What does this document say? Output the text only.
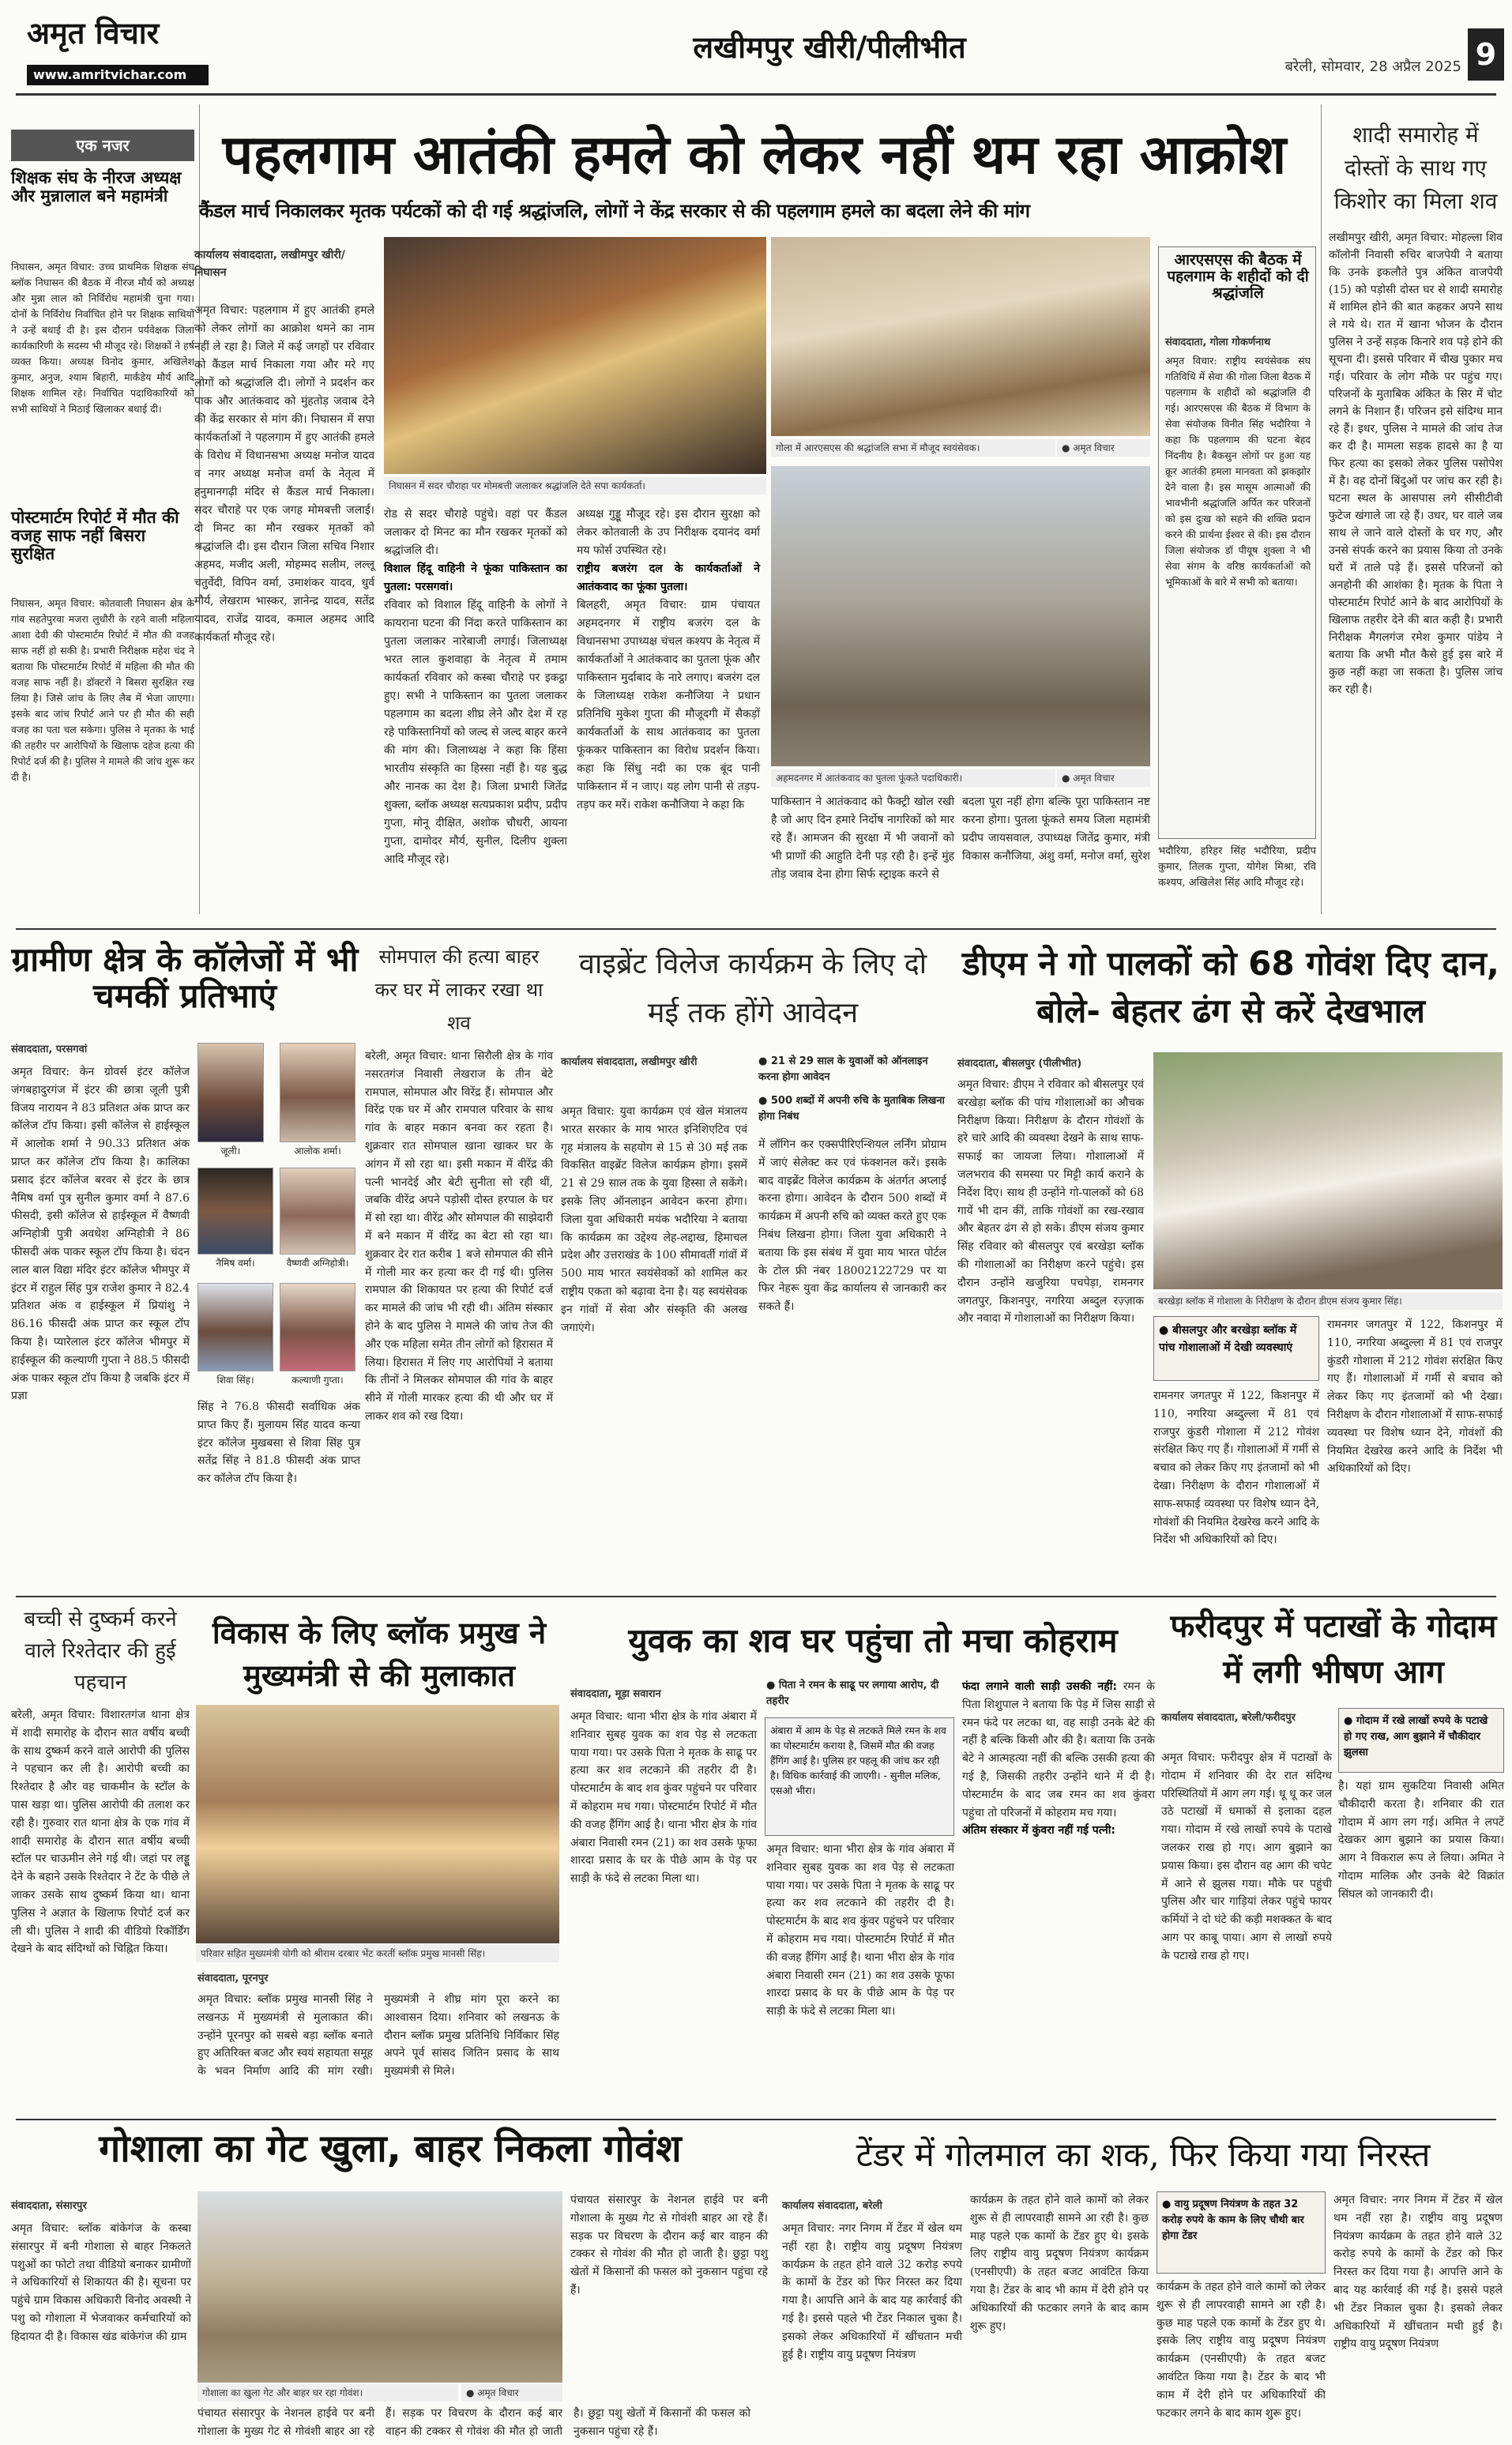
अमृत विचार
www.amritvichar.com
लखीमपुर खीरी/पीलीभीत
बरेली, सोमवार, 28 अप्रैल 2025 9
एक नजर
शिक्षक संघ के नीरज अध्यक्ष और मुन्नालाल बने महामंत्री
निघासन, अमृत विचार: उच्च प्राथमिक शिक्षक संघ ब्लॉक निघासन की बैठक में नीरज मौर्य को अध्यक्ष और मुन्ना लाल को निर्विरोध महामंत्री चुना गया। दोनों के निर्विरोध निर्वाचित होने पर शिक्षक साथियों ने उन्हें बधाई दी है। इस दौरान पर्यवेक्षक जिला कार्यकारिणी के सदस्य भी मौजूद रहे। शिक्षकों ने हर्ष व्यक्त किया। अध्यक्ष विनोद कुमार, अखिलेश कुमार, अनुज, श्याम बिहारी, मार्कंडेय मौर्य आदि शिक्षक शामिल रहे। निर्वाचित पदाधिकारियों को सभी साथियों ने मिठाई खिलाकर बधाई दी।
पोस्टमार्टम रिपोर्ट में मौत की वजह साफ नहीं बिसरा सुरक्षित
निघासन, अमृत विचार: कोतवाली निघासन क्षेत्र के गांव सहतेपुरवा मजरा लुधौरी के रहने वाली महिला आशा देवी की पोस्टमार्टम रिपोर्ट में मौत की वजह साफ नहीं हो सकी है। प्रभारी निरीक्षक महेश चंद ने बताया कि पोस्टमार्टम रिपोर्ट में महिला की मौत की वजह साफ नहीं है। डॉक्टरों ने बिसरा सुरक्षित रख लिया है। जिसे जांच के लिए लैब में भेजा जाएगा। इसके बाद जांच रिपोर्ट आने पर ही मौत की सही वजह का पता चल सकेगा। पुलिस ने मृतका के भाई की तहरीर पर आरोपियों के खिलाफ दहेज हत्या की रिपोर्ट दर्ज की है। पुलिस ने मामले की जांच शुरू कर दी है।
पहलगाम आतंकी हमले को लेकर नहीं थम रहा आक्रोश
कैंडल मार्च निकालकर मृतक पर्यटकों को दी गई श्रद्धांजलि, लोगों ने केंद्र सरकार से की पहलगाम हमले का बदला लेने की मांग
कार्यालय संवाददाता, लखीमपुर खीरी/निघासन
अमृत विचार: पहलगाम में हुए आतंकी हमले को लेकर लोगों का आक्रोश थमने का नाम नहीं ले रहा है। जिले में कई जगहों पर रविवार को कैंडल मार्च निकाला गया और मरे गए लोगों को श्रद्धांजलि दी। लोगों ने प्रदर्शन कर पाक और आतंकवाद को मुंहतोड़ जवाब देने की केंद्र सरकार से मांग की। निघासन में सपा कार्यकर्ताओं ने पहलगाम में हुए आतंकी हमले के विरोध में विधानसभा अध्यक्ष मनोज यादव व नगर अध्यक्ष मनोज वर्मा के नेतृत्व में हनुमानगढ़ी मंदिर से कैंडल मार्च निकाला। सदर चौराहे पर एक जगह मोमबत्ती जलाई। दो मिनट का मौन रखकर मृतकों को श्रद्धांजलि दी। इस दौरान जिला सचिव निशार अहमद, मजीद अली, मोहम्मद सलीम, ल‍ल्लू चतुर्वेदी, विपिन वर्मा, उमाशंकर यादव, धुर्व मौर्य, लेखराम भास्कर, ज्ञानेन्द्र यादव, सतेंद्र यादव, राजेंद्र यादव, कमाल अहमद आदि कार्यकर्ता मौजूद रहे।
निघासन में सदर चौराहा पर मोमबत्ती जलाकर श्रद्धांजलि देते सपा कार्यकर्ता।
गोला में आरएसएस की श्रद्धांजलि सभा में मौजूद स्वयंसेवक।	● अमृत विचार
रोड से सदर चौराहे पहुंचे। वहां पर कैंडल जलाकर दो मिनट का मौन रखकर मृतकों को श्रद्धांजलि दी।
विशाल हिंदू वाहिनी ने फूंका पाकिस्तान का पुतला: परसगवां।
रविवार को विशाल हिंदू वाहिनी के लोगों ने कायराना घटना की निंदा करते पाकिस्तान का पुतला जलाकर नारेबाजी लगाई। जिलाध्यक्ष भरत लाल कुशवाहा के नेतृत्व में तमाम कार्यकर्ता रविवार को कस्बा चौराहे पर इकट्ठा हुए। सभी ने पाकिस्तान का पुतला जलाकर पहलगाम का बदला शीघ्र लेने और देश में रह रहे पाकिस्तानियों को जल्द से जल्द बाहर करने की मांग की। जिलाध्यक्ष ने कहा कि हिंसा भारतीय संस्कृति का हिस्सा नहीं है। यह बुद्ध और नानक का देश है। जिला प्रभारी जितेंद्र शुक्ला, ब्लॉक अध्यक्ष सत्यप्रकाश प्रदीप, प्रदीप गुप्ता, मोनू दीक्षित, अशोक चौधरी, आयना गुप्ता, दामोदर मौर्य, सुनील, दिलीप शुक्ला आदि मौजूद रहे।
अध्यक्ष गुड्डू मौजूद रहे। इस दौरान सुरक्षा को लेकर कोतवाली के उप निरीक्षक दयानंद वर्मा मय फोर्स उपस्थित रहे।
राष्ट्रीय बजरंग दल के कार्यकर्ताओं ने आतंकवाद का फूंका पुतला।
बिलहरी, अमृत विचार: ग्राम पंचायत अहमदनगर में राष्ट्रीय बजरंग दल के विधानसभा उपाध्यक्ष चंचल कश्यप के नेतृत्व में कार्यकर्ताओं ने आतंकवाद का पुतला फूंक और पाकिस्तान मुर्दाबाद के नारे लगाए। बजरंग दल के जिलाध्यक्ष राकेश कनौजिया ने प्रधान प्रतिनिधि मुकेश गुप्ता की मौजूदगी में सैकड़ों कार्यकर्ताओं के साथ आतंकवाद का पुतला फूंककर पाकिस्तान का विरोध प्रदर्शन किया। कहा कि सिंधु नदी का एक बूंद पानी पाकिस्तान में न जाए। यह लोग पानी से तड़प-तड़प कर मरें। राकेश कनौजिया ने कहा कि
अहमदनगर में आतंकवाद का पुतला फूंकते पदाधिकारी।	● अमृत विचार
पाकिस्तान ने आतंकवाद को फैक्ट्री खोल रखी है जो आए दिन हमारे निर्दोष नागरिकों को मार रहे हैं। आमजन की सुरक्षा में भी जवानों को भी प्राणों की आहुति देनी पड़ रही है। इन्हें मुंह तोड़ जवाब देना होगा सिर्फ स्ट्राइक करने से
बदला पूरा नहीं होगा बल्कि पूरा पाकिस्तान नष्ट करना होगा। पुतला फूंकते समय जिला महामंत्री प्रदीप जायसवाल, उपाध्यक्ष जितेंद्र कुमार, मंत्री विकास कनौजिया, अंशु वर्मा, मनोज वर्मा, सुरेश
आरएसएस की बैठक में पहलगाम के शहीदों को दी श्रद्धांजलि
संवाददाता, गोला गोकर्णनाथ
अमृत विचार: राष्ट्रीय स्वयंसेवक संघ गतिविधि में सेवा की गोला जिला बैठक में पहलगाम के शहीदों को श्रद्धांजलि दी गई। आरएसएस की बैठक में विभाग के सेवा संयोजक विनीत सिंह भदौरिया ने कहा कि पहलगाम की घटना बेहद निंदनीय है। बैकसुन लोगों पर हुआ यह क्रूर आतंकी हमला मानवता को झकझोर देने वाला है। इस मासूम आत्माओं की भावभीनी श्रद्धांजलि अर्पित कर परिजनों को इस दुःख को सहने की शक्ति प्रदान करने की प्रार्थना ईश्वर से की। इस दौरान जिला संयोजक डॉ पीयूष शुक्ला ने भी सेवा संगम के वरिष्ठ कार्यकर्ताओं को भूमिकाओं के बारे में सभी को बताया।
भदौरिया, हरिहर सिंह भदौरिया, प्रदीप कुमार, तिलक गुप्ता, योगेश मिश्रा, रवि कश्यप, अखिलेश सिंह आदि मौजूद रहे।
शादी समारोह में दोस्तों के साथ गए किशोर का मिला शव
लखीमपुर खीरी, अमृत विचार: मोहल्ला शिव कॉलोनी निवासी रुचिर बाजपेयी ने बताया कि उनके इकलौते पुत्र अंकित वाजपेयी (15) को पड़ोसी दोस्त घर से शादी समारोह में शामिल होने की बात कहकर अपने साथ ले गये थे। रात में खाना भोजन के दौरान पुलिस ने उन्हें सड़क किनारे शव पड़े होने की सूचना दी। इससे परिवार में चीख पुकार मच गई। परिवार के लोग मौके पर पहुंच गए। परिजनों के मुताबिक अंकित के सिर में चोट लगने के निशान हैं। परिजन इसे संदिग्ध मान रहे हैं। इधर, पुलिस ने मामले की जांच तेज कर दी है। मामला सड़क हादसे का है या फिर हत्या का इसको लेकर पुलिस पसोपेश में है। वह दोनों बिंदुओं पर जांच कर रही है। घटना स्थल के आसपास लगे सीसीटीवी फुटेज खंगाले जा रहे हैं। उधर, घर वाले जब साथ ले जाने वाले दोस्तों के घर गए, और उनसे संपर्क करने का प्रयास किया तो उनके घरों में ताले पड़े हैं। इससे परिजनों को अनहोनी की आशंका है। मृतक के पिता ने पोस्टमार्टम रिपोर्ट आने के बाद आरोपियों के खिलाफ तहरीर देने की बात कही है। प्रभारी निरीक्षक मैगलगंज रमेश कुमार पांडेय ने बताया कि अभी मौत कैसे हुई इस बारे में कुछ नहीं कहा जा सकता है। पुलिस जांच कर रही है।
ग्रामीण क्षेत्र के कॉलेजों में भी चमकीं प्रतिभाएं
संवाददाता, परसगवां
अमृत विचार: केन ग्रोवर्स इंटर कॉलेज जंगबहादुरगंज में इंटर की छात्रा जूली पुत्री विजय नारायन ने 83 प्रतिशत अंक प्राप्त कर कॉलेज टॉप किया। इसी कॉलेज से हाईस्कूल में आलोक शर्मा ने 90.33 प्रतिशत अंक प्राप्त कर कॉलेज टॉप किया है। कालिका प्रसाद इंटर कॉलेज बरवर से इंटर के छात्र नैमिष वर्मा पुत्र सुनील कुमार वर्मा ने 87.6 फीसदी, इसी कॉलेज से हाईस्कूल में वैष्णवी अग्निहोत्री पुत्री अवधेश अग्निहोत्री ने 86 फीसदी अंक पाकर स्कूल टॉप किया है। चंदन लाल बाल विद्या मंदिर इंटर कॉलेज भीमपुर में इंटर में राहुल सिंह पुत्र राजेश कुमार ने 82.4 प्रतिशत अंक व हाईस्कूल में प्रियांशु ने 86.16 फीसदी अंक प्राप्त कर स्कूल टॉप किया है। प्यारेलाल इंटर कॉलेज भीमपुर में हाईस्कूल की कल्याणी गुप्ता ने 88.5 फीसदी अंक पाकर स्कूल टॉप किया है जबकि इंटर में प्रज्ञा
जूली।	आलोक शर्मा।
नैमिष वर्मा।	वैष्णवी अग्निहोत्री।
शिवा सिंह।	कल्याणी गुप्ता।
सिंह ने 76.8 फीसदी सर्वाधिक अंक प्राप्त किए हैं। मुलायम सिंह यादव कन्या इंटर कॉलेज मुखबसा से शिवा सिंह पुत्र सतेंद्र सिंह ने 81.8 फीसदी अंक प्राप्त कर कॉलेज टॉप किया है।
सोमपाल की हत्या बाहर कर घर में लाकर रखा था शव
बरेली, अमृत विचार: थाना सिरौली क्षेत्र के गांव नसरतगंज निवासी लेखराज के तीन बेटे रामपाल, सोमपाल और विरेंद्र हैं। सोमपाल और विरेंद्र एक घर में और रामपाल परिवार के साथ गांव के बाहर मकान बनवा कर रहता है। शुक्रवार रात सोमपाल खाना खाकर घर के आंगन में सो रहा था। इसी मकान में वीरेंद्र की पत्नी भानदेई और बेटी सुनीता सो रही थीं, जबकि वीरेंद्र अपने पड़ोसी दोस्त हरपाल के घर में सो रहा था। वीरेंद्र और सोमपाल की साझेदारी में बने मकान में वीरेंद्र का बेटा सो रहा था। शुक्रवार देर रात करीब 1 बजे सोमपाल की सीने में गोली मार कर हत्या कर दी गई थी। पुलिस रामपाल की शिकायत पर हत्या की रिपोर्ट दर्ज कर मामले की जांच भी रही थी। अंतिम संस्कार होने के बाद पुलिस ने मामले की जांच तेज की और एक महिला समेत तीन लोगों को हिरासत में लिया। हिरासत में लिए गए आरोपियों ने बताया कि तीनों ने मिलकर सोमपाल की गांव के बाहर सीने में गोली मारकर हत्या की थी और घर में लाकर शव को रख दिया।
वाइब्रेंट विलेज कार्यक्रम के लिए दो मई तक होंगे आवेदन
कार्यालय संवाददाता, लखीमपुर खीरी	● 21 से 29 साल के युवाओं को ऑनलाइन करना होगा आवेदन
● 500 शब्दों में अपनी रुचि के मुताबिक लिखना होगा निबंध
अमृत विचार: युवा कार्यक्रम एवं खेल मंत्रालय भारत सरकार के माय भारत इनिशिएटिव एवं गृह मंत्रालय के सहयोग से 15 से 30 मई तक विकसित वाइब्रेंट विलेज कार्यक्रम होगा। इसमें 21 से 29 साल तक के युवा हिस्सा ले सकेंगे। इसके लिए ऑनलाइन आवेदन करना होगा। जिला युवा अधिकारी मयंक भदौरिया ने बताया कि कार्यक्रम का उद्देश्य लेह-लद्दाख, हिमाचल प्रदेश और उत्तराखंड के 100 सीमावर्ती गांवों में 500 माय भारत स्वयंसेवकों को शामिल कर राष्ट्रीय एकता को बढ़ावा देना है। यह स्वयंसेवक इन गांवों में सेवा और संस्कृति की अलख जगाएंगे।
में लॉगिन कर एक्सपीरिएन्शियल लर्निंग प्रोग्राम में जाएं सेलेक्ट कर एवं फंक्शनल करें। इसके बाद वाइब्रेंट विलेज कार्यक्रम के अंतर्गत अप्लाई करना होगा। आवेदन के दौरान 500 शब्दों में कार्यक्रम में अपनी रुचि को व्यक्त करते हुए एक निबंध लिखना होगा। जिला युवा अधिकारी ने बताया कि इस संबंध में युवा माय भारत पोर्टल के टोल फ्री नंबर 18002122729 पर या फिर नेहरू युवा केंद्र कार्यालय से जानकारी कर सकते हैं।
डीएम ने गो पालकों को 68 गोवंश दिए दान, बोले- बेहतर ढंग से करें देखभाल
संवाददाता, बीसलपुर (पीलीभीत)
अमृत विचार: डीएम ने रविवार को बीसलपुर एवं बरखेड़ा ब्लॉक की पांच गोशालाओं का औचक निरीक्षण किया। निरीक्षण के दौरान गोवंशों के हरे चारे आदि की व्यवस्था देखने के साथ साफ-सफाई का जायजा लिया। गोशालाओं में जलभराव की समस्या पर मिट्टी कार्य कराने के निर्देश दिए। साथ ही उन्होंने गो-पालकों को 68 गायें भी दान कीं, ताकि गोवंशों का रख-रखाव और बेहतर ढंग से हो सके। डीएम संजय कुमार सिंह रविवार को बीसलपुर एवं बरखेड़ा ब्लॉक की गोशालाओं का निरीक्षण करने पहुंचे। इस दौरान उन्होंने खजुरिया पचपेड़ा, रामनगर जगतपुर, किशनपुर, नगरिया अब्दुल रज़्ज़ाक और नवादा में गोशालाओं का निरीक्षण किया।
बरखेड़ा ब्लॉक में गोशाला के निरीक्षण के दौरान डीएम संजय कुमार सिंह।
● बीसलपुर और बरखेड़ा ब्लॉक में पांच गोशालाओं में देखी व्यवस्थाएं
रामनगर जगतपुर में 122, किशनपुर में 110, नगरिया अब्दुल्ला में 81 एवं राजपुर कुंडरी गोशाला में 212 गोवंश संरक्षित किए गए हैं। गोशालाओं में गर्मी से बचाव को लेकर किए गए इंतजामों को भी देखा। निरीक्षण के दौरान गोशालाओं में साफ-सफाई व्यवस्था पर विशेष ध्यान देने, गोवंशों की नियमित देखरेख करने आदि के निर्देश भी अधिकारियों को दिए।
रामनगर जगतपुर में 122, किशनपुर में 110, नगरिया अब्दुल्ला में 81 एवं राजपुर कुंडरी गोशाला में 212 गोवंश संरक्षित किए गए हैं। गोशालाओं में गर्मी से बचाव को लेकर किए गए इंतजामों को भी देखा। निरीक्षण के दौरान गोशालाओं में साफ-सफाई व्यवस्था पर विशेष ध्यान देने, गोवंशों की नियमित देखरेख करने आदि के निर्देश भी अधिकारियों को दिए।
बच्ची से दुष्कर्म करने वाले रिश्तेदार की हुई पहचान
बरेली, अमृत विचार: विशारतगंज थाना क्षेत्र में शादी समारोह के दौरान सात वर्षीय बच्ची के साथ दुष्कर्म करने वाले आरोपी की पुलिस ने पहचान कर ली है। आरोपी बच्ची का रिश्तेदार है और वह चाकमीन के स्टॉल के पास खड़ा था। पुलिस आरोपी की तलाश कर रही है। गुरुवार रात थाना क्षेत्र के एक गांव में शादी समारोह के दौरान सात वर्षीय बच्ची स्टॉल पर चाऊमीन लेने गई थी। जहां पर लड्डू देने के बहाने उसके रिश्तेदार ने टेंट के पीछे ले जाकर उसके साथ दुष्कर्म किया था। थाना पुलिस ने अज्ञात के खिलाफ रिपोर्ट दर्ज कर ली थी। पुलिस ने शादी की वीडियो रिकॉर्डिंग देखने के बाद संदिग्धों को चिह्नित किया।
विकास के लिए ब्लॉक प्रमुख ने मुख्यमंत्री से की मुलाकात
परिवार सहित मुख्यमंत्री योगी को श्रीराम दरबार भेंट करतीं ब्लॉक प्रमुख मानसी सिंह।
संवाददाता, पूरनपुर
अमृत विचार: ब्लॉक प्रमुख मानसी सिंह ने लखनऊ में मुख्यमंत्री से मुलाकात की। उन्होंने पूरनपुर को सबसे बड़ा ब्लॉक बनाते हुए अतिरिक्त बजट और स्वयं सहायता समूह के भवन निर्माण आदि की मांग रखी। मुख्यमंत्री ने शीघ्र मांग पूरा करने का आश्वासन दिया। शनिवार को लखनऊ के दौरान ब्लॉक प्रमुख प्रतिनिधि निर्विकार सिंह अपने पूर्व सांसद जितिन प्रसाद के साथ मुख्यमंत्री से मिले।
युवक का शव घर पहुंचा तो मचा कोहराम
संवाददाता, मूड़ा सवारान
● पिता ने रमन के साढू पर लगाया आरोप, दी तहरीर
अंबारा में आम के पेड़ से लटकते मिले रमन के शव का पोस्टमार्टम कराया है, जिसमें मौत की वजह हैंगिंग आई है। पुलिस हर पहलू की जांच कर रही है। विधिक कार्रवाई की जाएगी। - सुनील मलिक, एसओ भीरा।
अमृत विचार: थाना भीरा क्षेत्र के गांव अंबारा में शनिवार सुबह युवक का शव पेड़ से लटकता पाया गया। पर उसके पिता ने मृतक के साढू पर हत्या कर शव लटकाने की तहरीर दी है। पोस्टमार्टम के बाद शव कुंवर पहुंचने पर परिवार में कोहराम मच गया। पोस्टमार्टम रिपोर्ट में मौत की वजह हैंगिंग आई है। थाना भीरा क्षेत्र के गांव अंबारा निवासी रमन (21) का शव उसके फूफा शारदा प्रसाद के घर के पीछे आम के पेड़ पर साड़ी के फंदे से लटका मिला था।
अमृत विचार: थाना भीरा क्षेत्र के गांव अंबारा में शनिवार सुबह युवक का शव पेड़ से लटकता पाया गया। पर उसके पिता ने मृतक के साढू पर हत्या कर शव लटकाने की तहरीर दी है। पोस्टमार्टम के बाद शव कुंवर पहुंचने पर परिवार में कोहराम मच गया। पोस्टमार्टम रिपोर्ट में मौत की वजह हैंगिंग आई है। थाना भीरा क्षेत्र के गांव अंबारा निवासी रमन (21) का शव उसके फूफा शारदा प्रसाद के घर के पीछे आम के पेड़ पर साड़ी के फंदे से लटका मिला था।
फंदा लगाने वाली साड़ी उसकी नहीं: रमन के पिता शिशुपाल ने बताया कि पेड़ में जिस साड़ी से रमन फंदे पर लटका था, वह साड़ी उनके बेटे की नहीं है बल्कि किसी और की है। बताया कि उनके बेटे ने आत्महत्या नहीं की बल्कि उसकी हत्या की गई है, जिसकी तहरीर उन्होंने थाने में दी है। पोस्टमार्टम के बाद जब रमन का शव कुंवरा पहुंचा तो परिजनों में कोहराम मच गया।
अंतिम संस्कार में कुंवरा नहीं गई पत्नी:
फरीदपुर में पटाखों के गोदाम में लगी भीषण आग
कार्यालय संवाददाता, बरेली/फरीदपुर	● गोदाम में रखे लाखों रुपये के पटाखे हो गए राख, आग बुझाने में चौकीदार झुलसा
अमृत विचार: फरीदपुर क्षेत्र में पटाखों के गोदाम में शनिवार की देर रात संदिग्ध परिस्थितियों में आग लग गई। धू धू कर जल उठे पटाखों में धमाकों से इलाका दहल गया। गोदाम में रखे लाखों रुपये के पटाखे जलकर राख हो गए। आग बुझाने का प्रयास किया। इस दौरान वह आग की चपेट में आने से झुलस गया। मौके पर पहुंची पुलिस और चार गाड़ियां लेकर पहुंचे फायर कर्मियों ने दो घंटे की कड़ी मशक्कत के बाद आग पर काबू पाया। आग से लाखों रुपये के पटाखे राख हो गए।
है। यहां ग्राम सुकटिया निवासी अमित चौकीदारी करता है। शनिवार की रात गोदाम में आग लग गई। अमित ने लपटें देखकर आग बुझाने का प्रयास किया। आग ने विकराल रूप ले लिया। अमित ने गोदाम मालिक और उनके बेटे विक्रांत सिंघल को जानकारी दी।
गोशाला का गेट खुला, बाहर निकला गोवंश
संवाददाता, संसारपुर
अमृत विचार: ब्लॉक बांकेगंज के कस्बा संसारपुर में बनी गोशाला से बाहर निकलते पशुओं का फोटो तथा वीडियो बनाकर ग्रामीणों ने अधिकारियों से शिकायत की है। सूचना पर पहुंचे ग्राम विकास अधिकारी विनोद अवस्थी ने पशु को गोशाला में भेजवाकर कर्मचारियों को हिदायत दी है। विकास खंड बांकेगंज की ग्राम
गोशाला का खुला गेट और बाहर घर रहा गोवंश।	● अमृत विचार
पंचायत संसारपुर के नेशनल हाईवे पर बनी गोशाला के मुख्य गेट से गोवंशी बाहर आ रहे हैं। सड़क पर विचरण के दौरान कई बार वाहन की टक्कर से गोवंश की मौत हो जाती है। छुट्टा पशु खेतों में किसानों की फसल को नुकसान पहुंचा रहे हैं।
पंचायत संसारपुर के नेशनल हाईवे पर बनी गोशाला के मुख्य गेट से गोवंशी बाहर आ रहे हैं। सड़क पर विचरण के दौरान कई बार वाहन की टक्कर से गोवंश की मौत हो जाती है। छुट्टा पशु खेतों में किसानों की फसल को नुकसान पहुंचा रहे हैं।
टेंडर में गोलमाल का शक, फिर किया गया निरस्त
कार्यालय संवाददाता, बरेली
अमृत विचार: नगर निगम में टेंडर में खेल थम नहीं रहा है। राष्ट्रीय वायु प्रदूषण नियंत्रण कार्यक्रम के तहत होने वाले 32 करोड़ रुपये के कामों के टेंडर को फिर निरस्त कर दिया गया है। आपत्ति आने के बाद यह कार्रवाई की गई है। इससे पहले भी टेंडर निकाल चुका है। इसको लेकर अधिकारियों में खींचतान मची हुई है। राष्ट्रीय वायु प्रदूषण नियंत्रण
कार्यक्रम के तहत होने वाले कामों को लेकर शुरू से ही लापरवाही सामने आ रही है। कुछ माह पहले एक कामों के टेंडर हुए थे। इसके लिए राष्ट्रीय वायु प्रदूषण नियंत्रण कार्यक्रम (एनसीएपी) के तहत बजट आवंटित किया गया है। टेंडर के बाद भी काम में देरी होने पर अधिकारियों की फटकार लगने के बाद काम शुरू हुए।
● वायु प्रदूषण नियंत्रण के तहत 32 करोड़ रुपये के काम के लिए चौथी बार होगा टेंडर
कार्यक्रम के तहत होने वाले कामों को लेकर शुरू से ही लापरवाही सामने आ रही है। कुछ माह पहले एक कामों के टेंडर हुए थे। इसके लिए राष्ट्रीय वायु प्रदूषण नियंत्रण कार्यक्रम (एनसीएपी) के तहत बजट आवंटित किया गया है। टेंडर के बाद भी काम में देरी होने पर अधिकारियों की फटकार लगने के बाद काम शुरू हुए।
अमृत विचार: नगर निगम में टेंडर में खेल थम नहीं रहा है। राष्ट्रीय वायु प्रदूषण नियंत्रण कार्यक्रम के तहत होने वाले 32 करोड़ रुपये के कामों के टेंडर को फिर निरस्त कर दिया गया है। आपत्ति आने के बाद यह कार्रवाई की गई है। इससे पहले भी टेंडर निकाल चुका है। इसको लेकर अधिकारियों में खींचतान मची हुई है। राष्ट्रीय वायु प्रदूषण नियंत्रण
